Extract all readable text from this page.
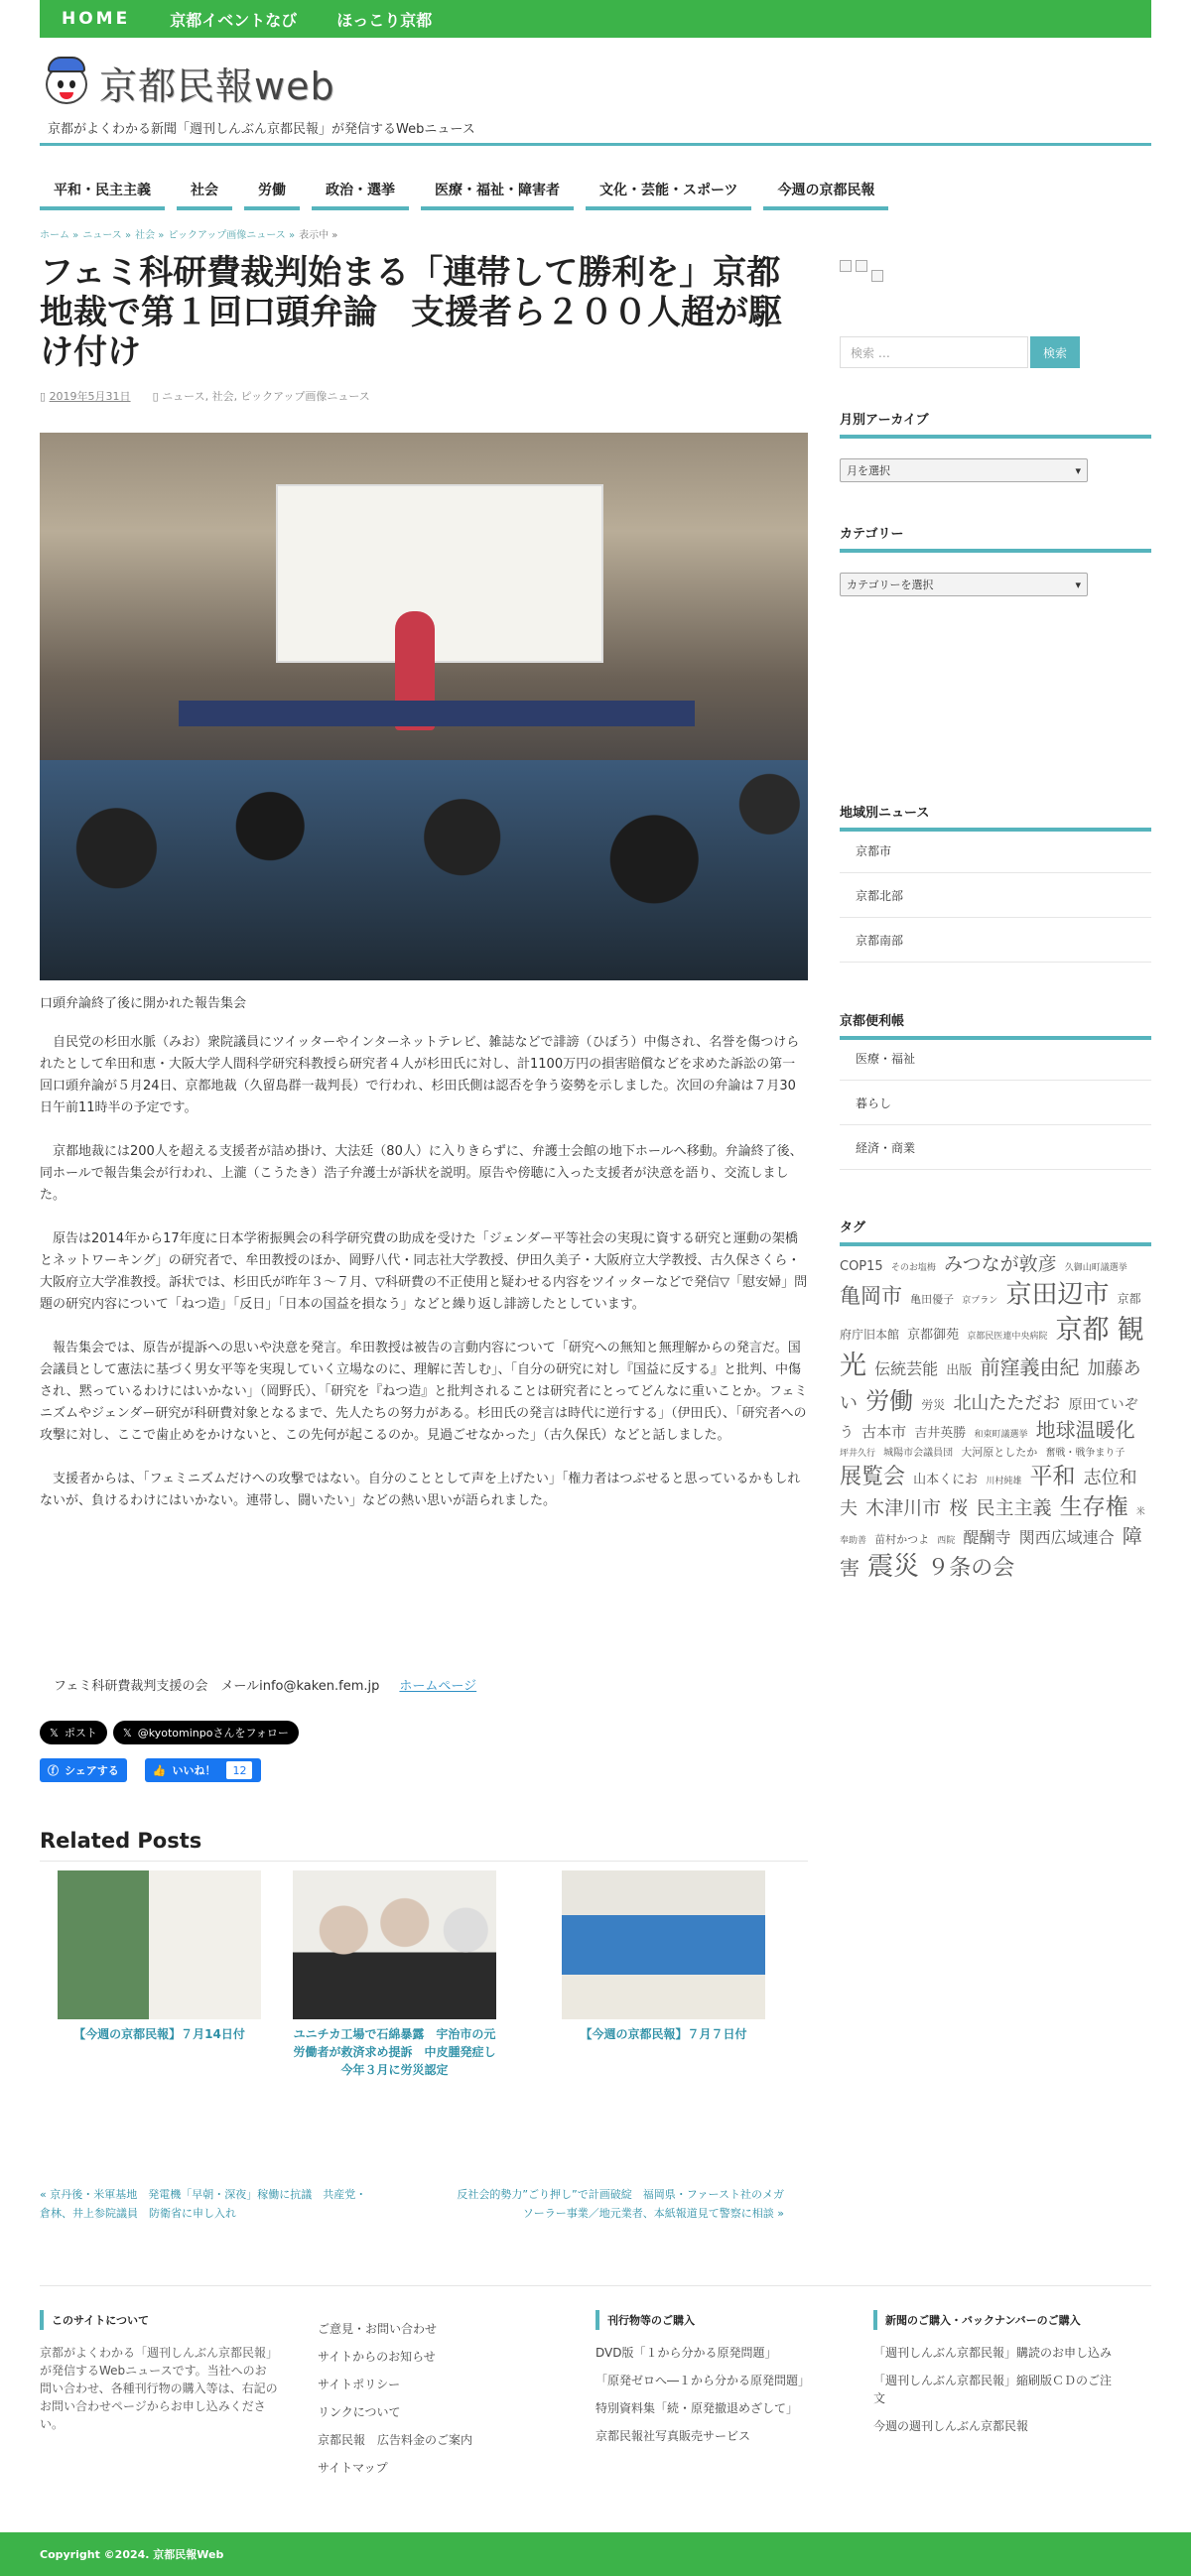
HOME	京都イベントなび	ほっこり京都
京都民報web
京都がよくわかる新聞「週刊しんぶん京都民報」が発信するWebニュース
平和・民主主義	社会	労働	政治・選挙	医療・福祉・障害者	文化・芸能・スポーツ	今週の京都民報
ホーム » ニュース » 社会 » ピックアップ画像ニュース » 表示中 »
フェミ科研費裁判始まる「連帯して勝利を」京都地裁で第１回口頭弁論　支援者ら２００人超が駆け付け
▯ 2019年5月31日 ▯ ニュース, 社会, ピックアップ画像ニュース
口頭弁論終了後に開かれた報告集会

自民党の杉田水脈（みお）衆院議員にツイッターやインターネットテレビ、雑誌などで誹謗（ひぼう）中傷され、名誉を傷つけられたとして牟田和恵・大阪大学人間科学研究科教授ら研究者４人が杉田氏に対し、計1100万円の損害賠償などを求めた訴訟の第一回口頭弁論が５月24日、京都地裁（久留島群一裁判長）で行われ、杉田氏側は認否を争う姿勢を示しました。次回の弁論は７月30日午前11時半の予定です。

京都地裁には200人を超える支援者が詰め掛け、大法廷（80人）に入りきらずに、弁護士会館の地下ホールへ移動。弁論終了後、同ホールで報告集会が行われ、上瀧（こうたき）浩子弁護士が訴状を説明。原告や傍聴に入った支援者が決意を語り、交流しました。

原告は2014年から17年度に日本学術振興会の科学研究費の助成を受けた「ジェンダー平等社会の実現に資する研究と運動の架橋とネットワーキング」の研究者で、牟田教授のほか、岡野八代・同志社大学教授、伊田久美子・大阪府立大学教授、古久保さくら・大阪府立大学准教授。訴状では、杉田氏が昨年３～７月、▽科研費の不正使用と疑わせる内容をツイッターなどで発信▽「慰安婦」問題の研究内容について「ねつ造」「反日」「日本の国益を損なう」などと繰り返し誹謗したとしています。

報告集会では、原告が提訴への思いや決意を発言。牟田教授は被告の言動内容について「研究への無知と無理解からの発言だ。国会議員として憲法に基づく男女平等を実現していく立場なのに、理解に苦しむ」、「自分の研究に対し『国益に反する』と批判、中傷され、黙っているわけにはいかない」（岡野氏）、「研究を『ねつ造』と批判されることは研究者にとってどんなに重いことか。フェミニズムやジェンダー研究が科研費対象となるまで、先人たちの努力がある。杉田氏の発言は時代に逆行する」（伊田氏）、「研究者への攻撃に対し、ここで歯止めをかけないと、この先何が起こるのか。見過ごせなかった」（古久保氏）などと話しました。

支援者からは、「フェミニズムだけへの攻撃ではない。自分のこととして声を上げたい」「権力者はつぶせると思っているかもしれないが、負けるわけにはいかない。連帯し、闘いたい」などの熱い思いが語られました。

フェミ科研費裁判支援の会　メールinfo@kaken.fem.jp ホームページ
𝕏 ポスト 𝕏 @kyotominpoさんをフォロー
ⓕ シェアする	👍 いいね！	12
Related Posts
【今週の京都民報】７月14日付	ユニチカ工場で石綿暴露　宇治市の元労働者が救済求め提訴　中皮腫発症し今年３月に労災認定
【今週の京都民報】７月７日付
« 京丹後・米軍基地　発電機「早朝・深夜」稼働に抗議　共産党・倉林、井上参院議員　防衛省に申し入れ
反社会的勢力”ごり押し”で計画破綻　福岡県・ファースト社のメガソーラー事業／地元業者、本紙報道見て警察に相談 »
検索 …	検索
月別アーカイブ
月を選択	▾
カテゴリー
カテゴリーを選択	▾
地域別ニュース
京都市
京都北部
京都南部
京都便利帳
医療・福祉
暮らし
経済・商業
タグ
COP15 そのお塩梅 みつなが敦彦 久御山町議選挙 亀岡市 亀田優子 京プラン 京田辺市 京都府庁旧本館 京都御苑 京都民医連中央病院 京都 観光 伝統芸能 出版 前窪義由紀 加藤あい 労働 労災 北山たただお 原田ていぞう 古本市 吉井英勝 和束町議選挙 地球温暖化 坪井久行 城陽市会議員団 大河原としたか 奮戦・戦争まり子 展覧会 山本くにお 川村純雄 平和 志位和夫 木津川市 桜 民主主義 生存権 米奉助善 苗村かつよ 西院 醍醐寺 関西広域連合 障害 震災 ９条の会
このサイトについて
京都がよくわかる「週刊しんぶん京都民報」が発信するWebニュースです。当社へのお問い合わせ、各種刊行物の購入等は、右記のお問い合わせページからお申し込みください。
ご意見・お問い合わせ
サイトからのお知らせ
サイトポリシー
リンクについて
京都民報　広告料金のご案内
サイトマップ
刊行物等のご購入
DVD版「１から分かる原発問題」
「原発ゼロへ―１から分かる原発問題」
特別資料集「続・原発撤退めざして」
京都民報社写真販売サービス
新聞のご購入・バックナンバーのご購入
「週刊しんぶん京都民報」購読のお申し込み
「週刊しんぶん京都民報」縮刷版ＣＤのご注文
今週の週刊しんぶん京都民報
Copyright ©2024. 京都民報Web
